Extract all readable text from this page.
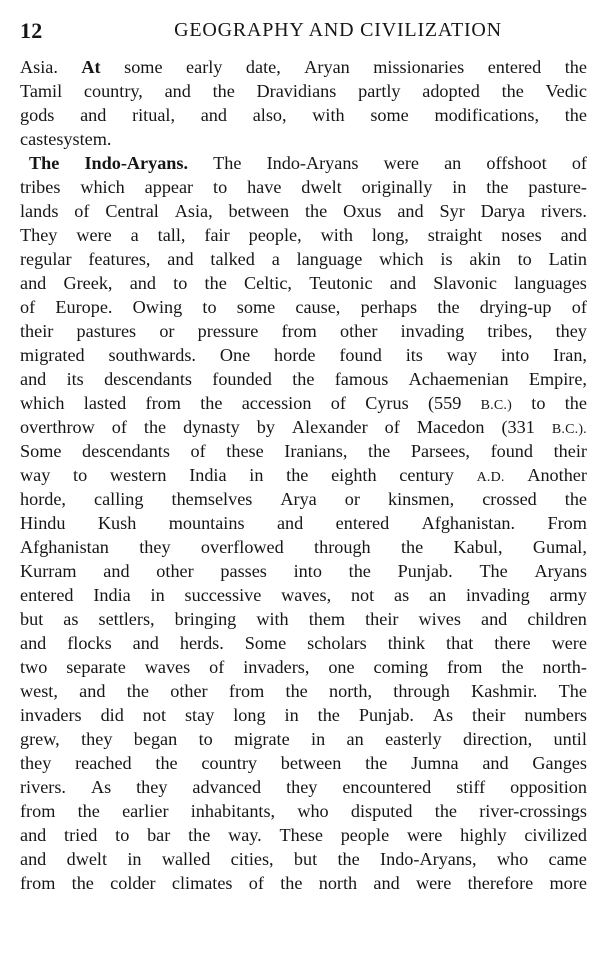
12	GEOGRAPHY AND CIVILIZATION
Asia. At some early date, Aryan missionaries entered the
Tamil country, and the Dravidians partly adopted the Vedic
gods and ritual, and also, with some modifications, the
caste system.
The Indo-Aryans. The Indo-Aryans were an offshoot of
tribes which appear to have dwelt originally in the pasture-
lands of Central Asia, between the Oxus and Syr Darya rivers.
They were a tall, fair people, with long, straight noses and
regular features, and talked a language which is akin to Latin
and Greek, and to the Celtic, Teutonic and Slavonic languages
of Europe. Owing to some cause, perhaps the drying-up of
their pastures or pressure from other invading tribes, they
migrated southwards. One horde found its way into Iran,
and its descendants founded the famous Achaemenian Empire,
which lasted from the accession of Cyrus (559 B.C.) to the
overthrow of the dynasty by Alexander of Macedon (331 B.C.).
Some descendants of these Iranians, the Parsees, found their
way to western India in the eighth century A.D. Another
horde, calling themselves Arya or kinsmen, crossed the
Hindu Kush mountains and entered Afghanistan. From
Afghanistan they overflowed through the Kabul, Gumal,
Kurram and other passes into the Punjab. The Aryans
entered India in successive waves, not as an invading army
but as settlers, bringing with them their wives and children
and flocks and herds. Some scholars think that there were
two separate waves of invaders, one coming from the north-
west, and the other from the north, through Kashmir. The
invaders did not stay long in the Punjab. As their numbers
grew, they began to migrate in an easterly direction, until
they reached the country between the Jumna and Ganges
rivers. As they advanced they encountered stiff opposition
from the earlier inhabitants, who disputed the river-crossings
and tried to bar the way. These people were highly civilized
and dwelt in walled cities, but the Indo-Aryans, who came
from the colder climates of the north and were therefore more
